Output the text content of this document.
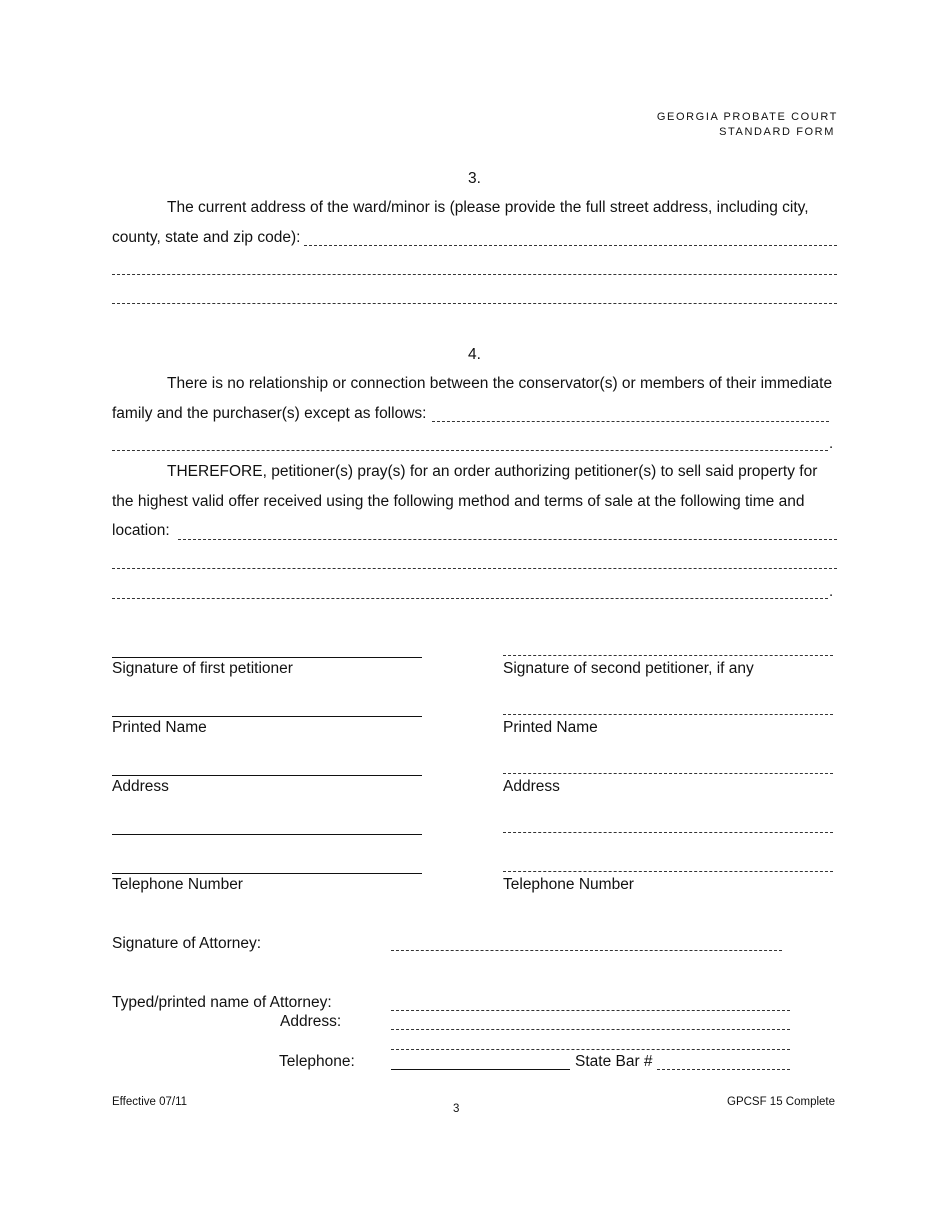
GEORGIA PROBATE COURT
STANDARD FORM
3.
The current address of the ward/minor is (please provide the full street address, including city,
county, state and zip code):
4.
There is no relationship or connection between the conservator(s) or members of their immediate
family and the purchaser(s) except as follows:
.
THEREFORE, petitioner(s) pray(s) for an order authorizing petitioner(s) to sell said property for
the highest valid offer received using the following method and terms of sale at the following time and
location:
.
Signature of first petitioner
Printed Name
Address
Telephone Number
Signature of second petitioner, if any
Printed Name
Address
Telephone Number
Signature of Attorney:
Typed/printed name of Attorney:
Address:
Telephone:	State Bar #
Effective 07/11
3
GPCSF 15 Complete
